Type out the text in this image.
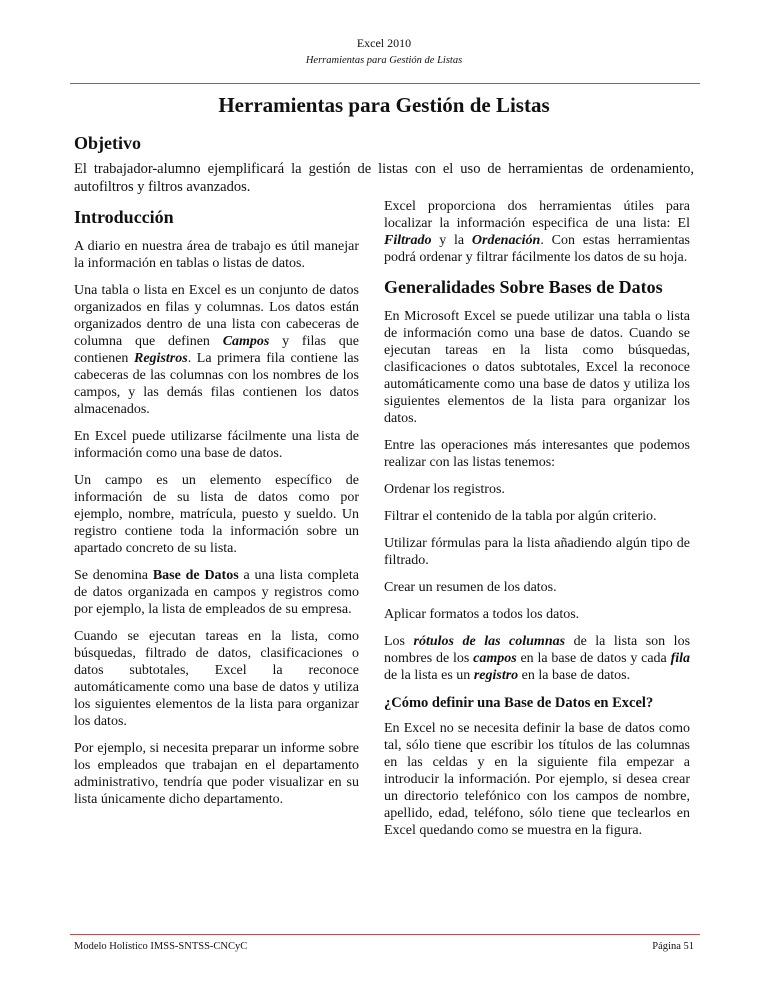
Excel 2010
Herramientas para Gestión de Listas
Herramientas para Gestión de Listas
Objetivo

El trabajador-alumno ejemplificará la gestión de listas con el uso de herramientas de ordenamiento, autofiltros y filtros avanzados.

Introducción

A diario en nuestra área de trabajo es útil manejar la información en tablas o listas de datos.

Una tabla o lista en Excel es un conjunto de datos organizados en filas y columnas. Los datos están organizados dentro de una lista con cabeceras de columna que definen Campos y filas que contienen Registros. La primera fila contiene las cabeceras de las columnas con los nombres de los campos, y las demás filas contienen los datos almacenados.

En Excel puede utilizarse fácilmente una lista de información como una base de datos.

Un campo es un elemento específico de información de su lista de datos como por ejemplo, nombre, matrícula, puesto y sueldo. Un registro contiene toda la información sobre un apartado concreto de su lista.

Se denomina Base de Datos a una lista completa de datos organizada en campos y registros como por ejemplo, la lista de empleados de su empresa.

Cuando se ejecutan tareas en la lista, como búsquedas, filtrado de datos, clasificaciones o datos subtotales, Excel la reconoce automáticamente como una base de datos y utiliza los siguientes elementos de la lista para organizar los datos.

Por ejemplo, si necesita preparar un informe sobre los empleados que trabajan en el departamento administrativo, tendría que poder visualizar en su lista únicamente dicho departamento.

Excel proporciona dos herramientas útiles para localizar la información especifica de una lista: El Filtrado y la Ordenación. Con estas herramientas podrá ordenar y filtrar fácilmente los datos de su hoja.

Generalidades Sobre Bases de Datos

En Microsoft Excel se puede utilizar una tabla o lista de información como una base de datos. Cuando se ejecutan tareas en la lista como búsquedas, clasificaciones o datos subtotales, Excel la reconoce automáticamente como una base de datos y utiliza los siguientes elementos de la lista para organizar los datos.

Entre las operaciones más interesantes que podemos realizar con las listas tenemos:

Ordenar los registros.

Filtrar el contenido de la tabla por algún criterio.

Utilizar fórmulas para la lista añadiendo algún tipo de filtrado.

Crear un resumen de los datos.

Aplicar formatos a todos los datos.

Los rótulos de las columnas de la lista son los nombres de los campos en la base de datos y cada fila de la lista es un registro en la base de datos.

¿Cómo definir una Base de Datos en Excel?

En Excel no se necesita definir la base de datos como tal, sólo tiene que escribir los títulos de las columnas en las celdas y en la siguiente fila empezar a introducir la información. Por ejemplo, si desea crear un directorio telefónico con los campos de nombre, apellido, edad, teléfono, sólo tiene que teclearlos en Excel quedando como se muestra en la figura.

Modelo Holístico IMSS-SNTSS-CNCyC	Página 51
